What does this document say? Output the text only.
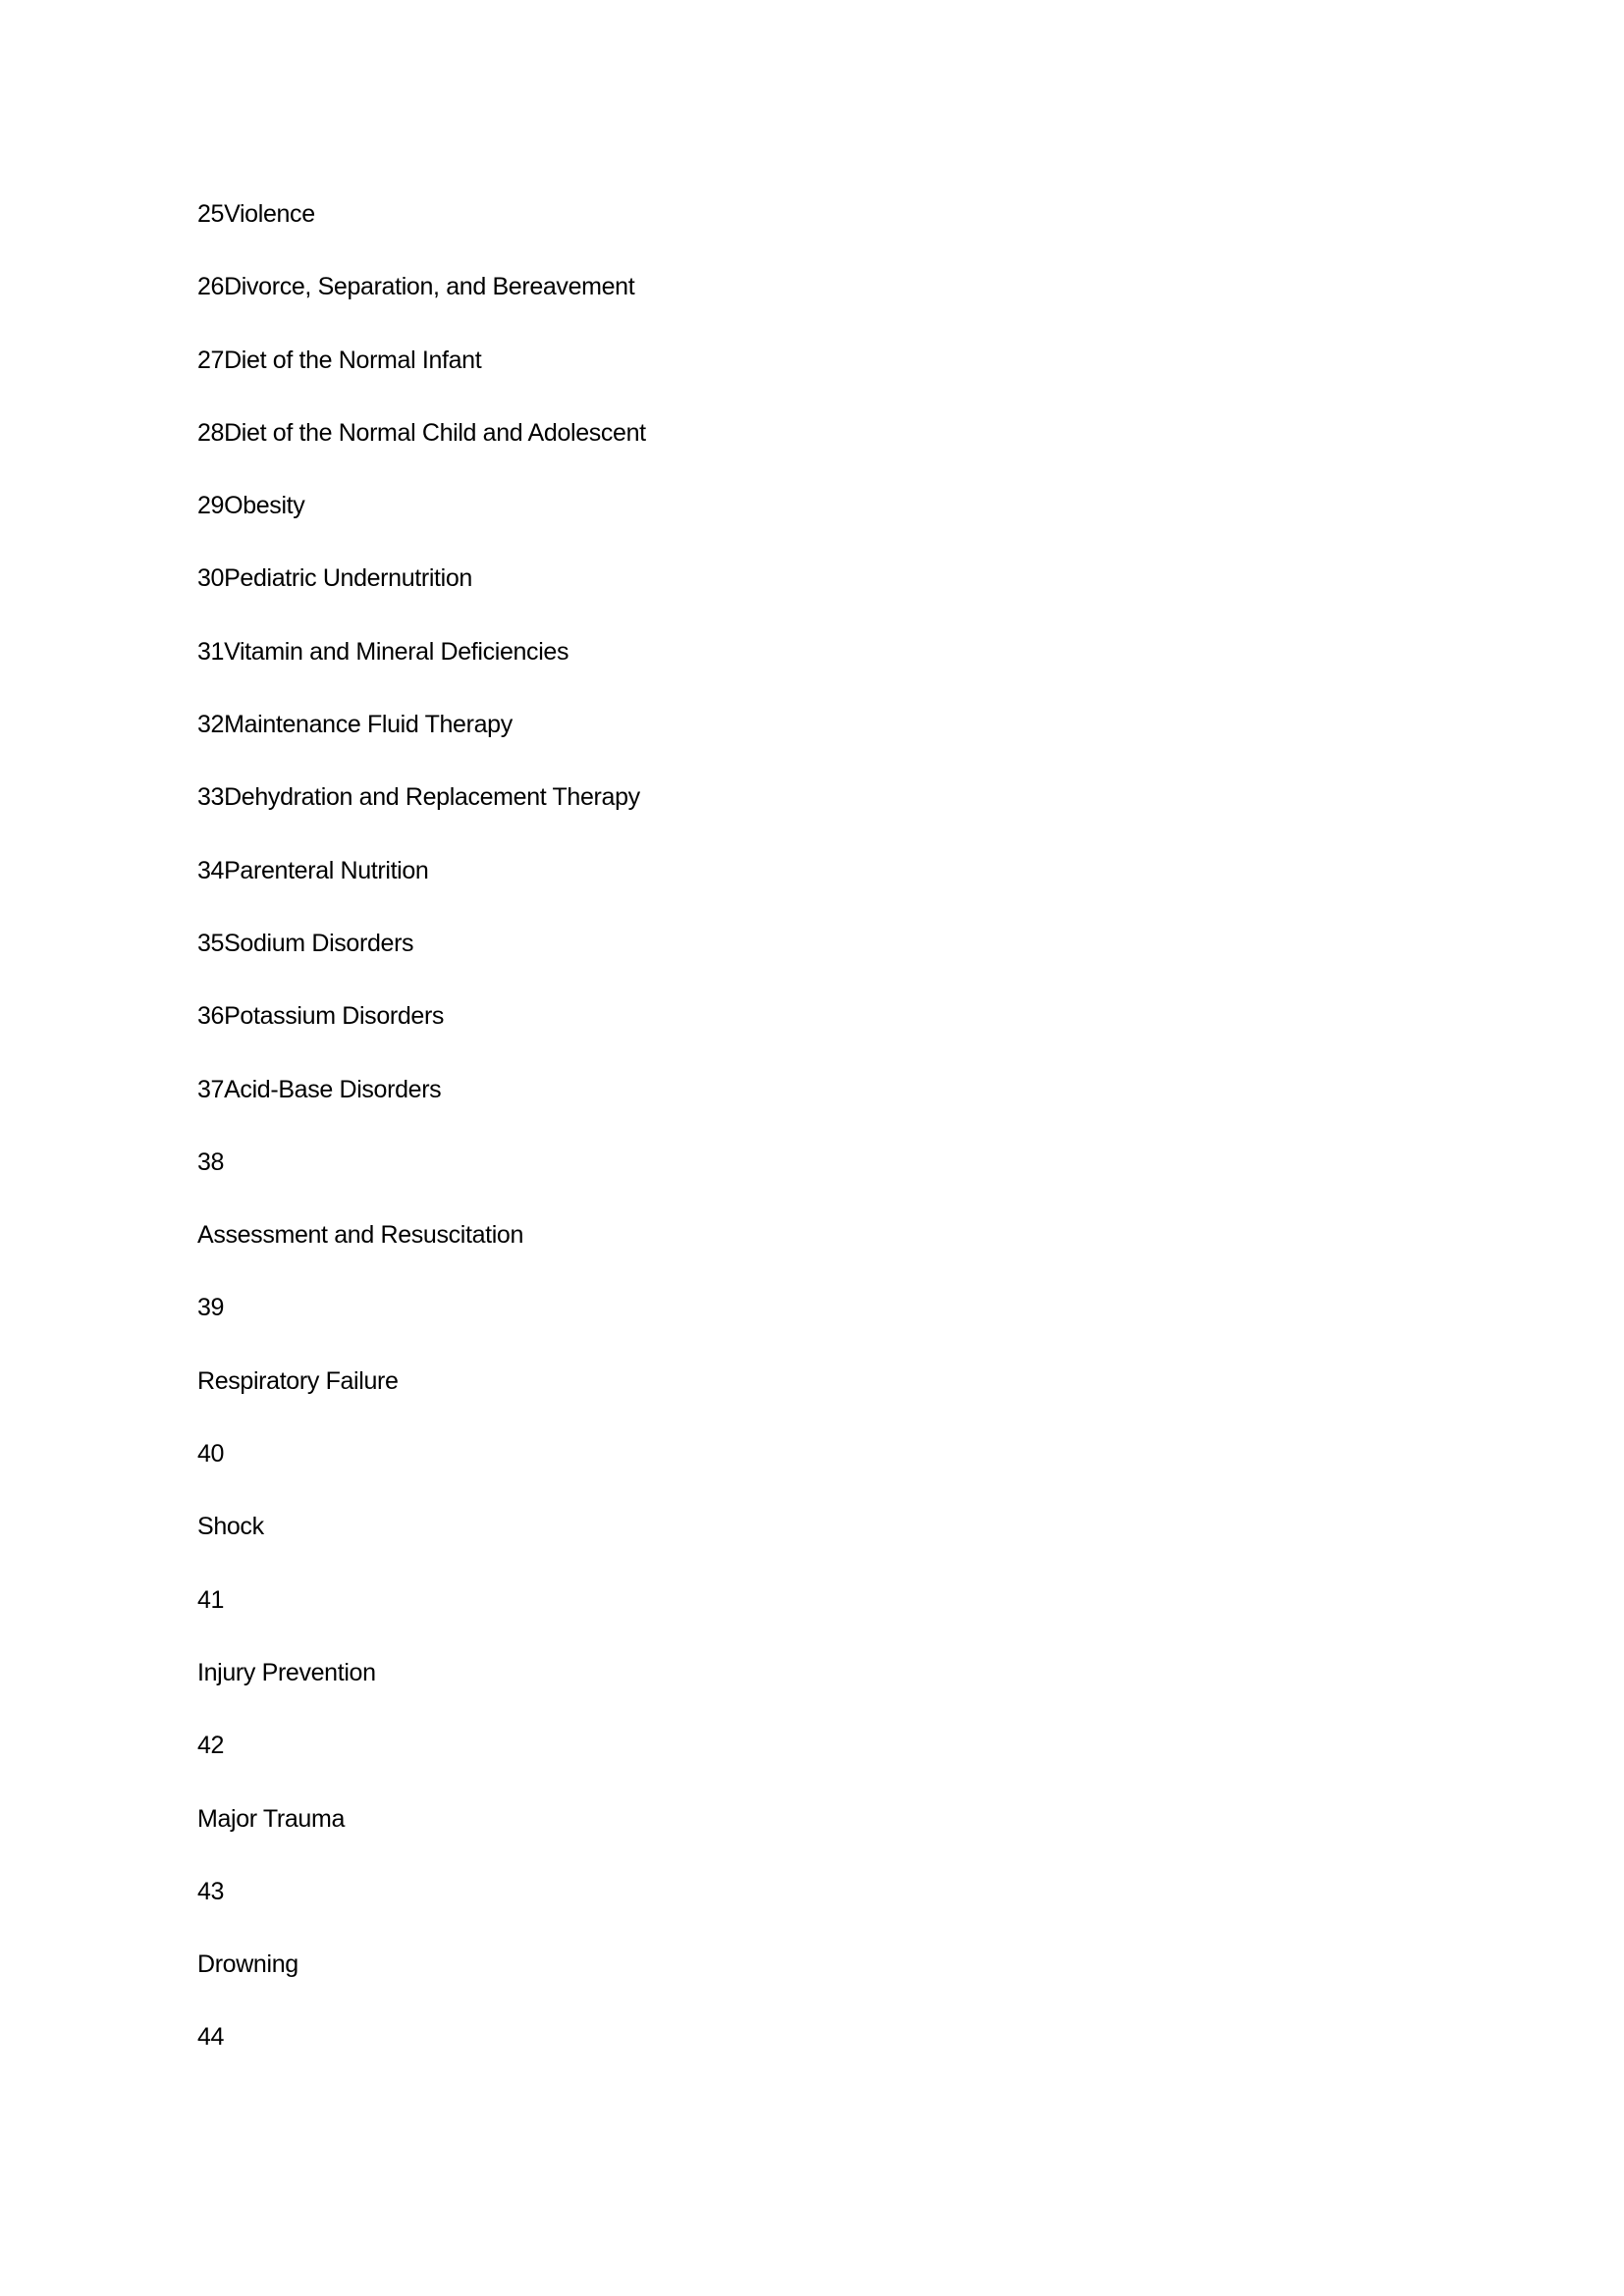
25Violence
26Divorce, Separation, and Bereavement
27Diet of the Normal Infant
28Diet of the Normal Child and Adolescent
29Obesity
30Pediatric Undernutrition
31Vitamin and Mineral Deficiencies
32Maintenance Fluid Therapy
33Dehydration and Replacement Therapy
34Parenteral Nutrition
35Sodium Disorders
36Potassium Disorders
37Acid-Base Disorders
38
Assessment and Resuscitation
39
Respiratory Failure
40
Shock
41
Injury Prevention
42
Major Trauma
43
Drowning
44
